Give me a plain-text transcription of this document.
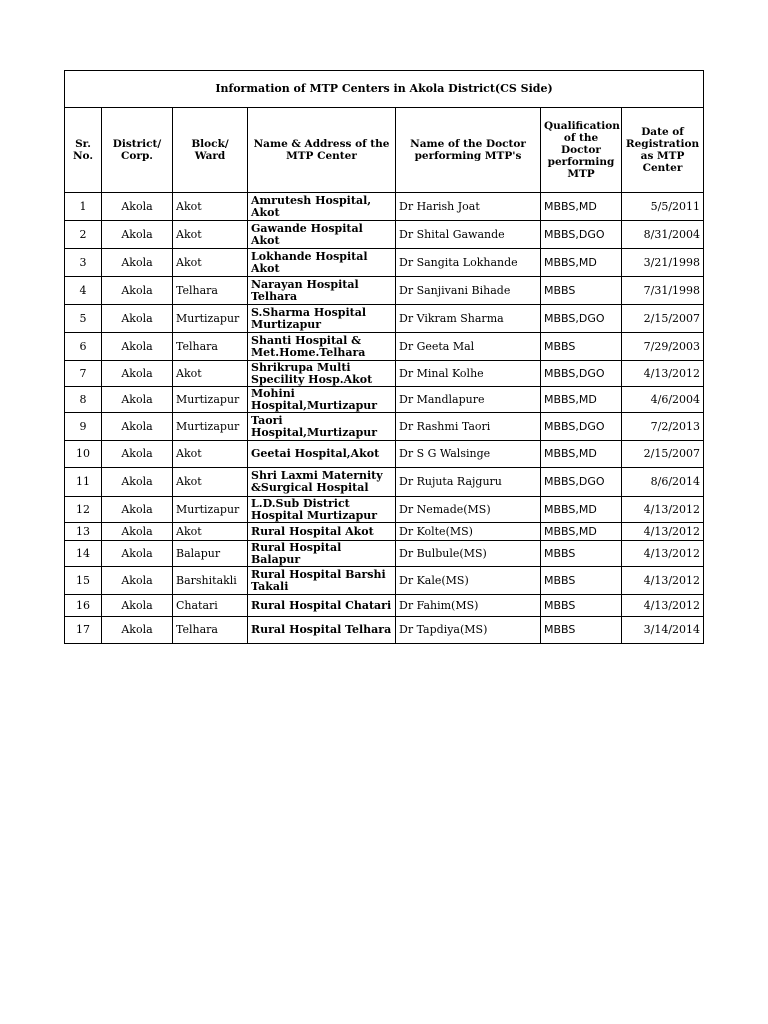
Information of MTP Centers in Akola District(CS Side)						
Sr. No.	District/ Corp.	Block/ Ward	Name & Address of the MTP Center	Name of the Doctor performing MTP's	Qualification of the Doctor performing MTP	Date of Registration as MTP Center
1	Akola	Akot	Amrutesh Hospital, Akot	Dr Harish Joat	MBBS,MD	5/5/2011
2	Akola	Akot	Gawande Hospital Akot	Dr Shital Gawande	MBBS,DGO	8/31/2004
3	Akola	Akot	Lokhande Hospital Akot	Dr Sangita Lokhande	MBBS,MD	3/21/1998
4	Akola	Telhara	Narayan Hospital Telhara	Dr Sanjivani Bihade	MBBS	7/31/1998
5	Akola	Murtizapur	S.Sharma Hospital Murtizapur	Dr Vikram Sharma	MBBS,DGO	2/15/2007
6	Akola	Telhara	Shanti Hospital & Met.Home.Telhara	Dr Geeta Mal	MBBS	7/29/2003
7	Akola	Akot	Shrikrupa Multi Specility Hosp.Akot	Dr Minal Kolhe	MBBS,DGO	4/13/2012
8	Akola	Murtizapur	Mohini Hospital,Murtizapur	Dr Mandlapure	MBBS,MD	4/6/2004
9	Akola	Murtizapur	Taori Hospital,Murtizapur	Dr Rashmi Taori	MBBS,DGO	7/2/2013
10	Akola	Akot	Geetai Hospital,Akot	Dr S G Walsinge	MBBS,MD	2/15/2007
11	Akola	Akot	Shri Laxmi Maternity &Surgical Hospital	Dr Rujuta Rajguru	MBBS,DGO	8/6/2014
12	Akola	Murtizapur	L.D.Sub District Hospital Murtizapur	Dr Nemade(MS)	MBBS,MD	4/13/2012
13	Akola	Akot	Rural Hospital Akot	Dr Kolte(MS)	MBBS,MD	4/13/2012
14	Akola	Balapur	Rural Hospital Balapur	Dr Bulbule(MS)	MBBS	4/13/2012
15	Akola	Barshitakli	Rural Hospital Barshi Takali	Dr Kale(MS)	MBBS	4/13/2012
16	Akola	Chatari	Rural Hospital Chatari	Dr Fahim(MS)	MBBS	4/13/2012
17	Akola	Telhara	Rural Hospital Telhara	Dr Tapdiya(MS)	MBBS	3/14/2014
